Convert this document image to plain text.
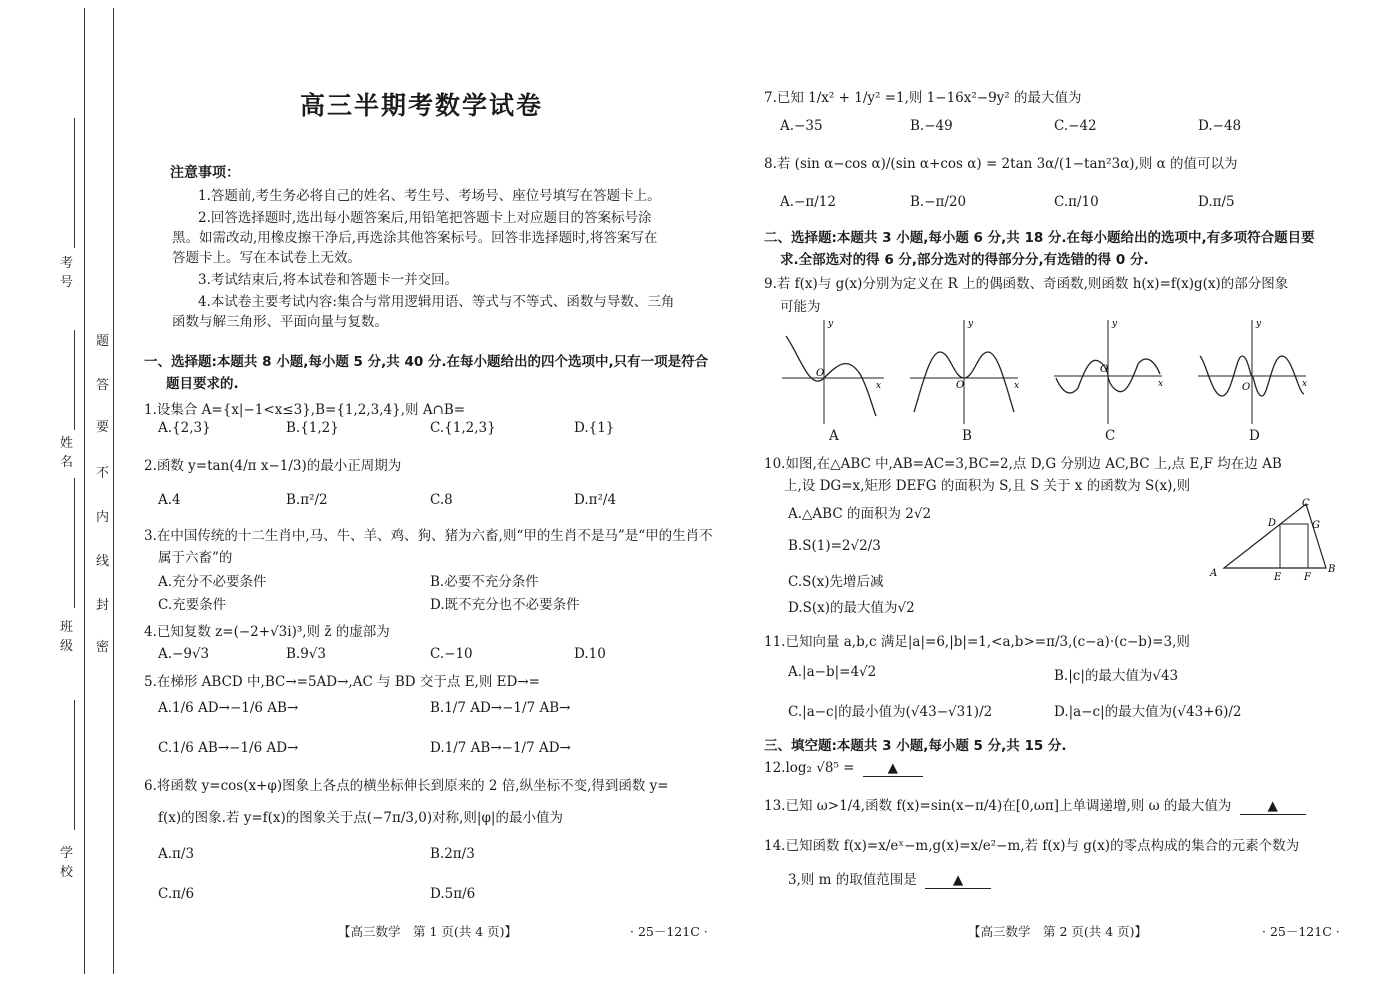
考号
姓名
班级
学校
题
答
要
不
内
线
封
密
高三半期考数学试卷
注意事项：
1.答题前,考生务必将自己的姓名、考生号、考场号、座位号填写在答题卡上。
2.回答选择题时,选出每小题答案后,用铅笔把答题卡上对应题目的答案标号涂
黑。如需改动,用橡皮擦干净后,再选涂其他答案标号。回答非选择题时,将答案写在
答题卡上。写在本试卷上无效。
3.考试结束后,将本试卷和答题卡一并交回。
4.本试卷主要考试内容:集合与常用逻辑用语、等式与不等式、函数与导数、三角
函数与解三角形、平面向量与复数。
一、选择题:本题共 8 小题,每小题 5 分,共 40 分.在每小题给出的四个选项中,只有一项是符合
题目要求的.
1.设集合 A={x|−1<x≤3},B={1,2,3,4},则 A∩B=
A.{2,3}	B.{1,2}	C.{1,2,3}	D.{1}
2.函数 y=tan(4/π x−1/3)的最小正周期为
A.4	B.π²/2	C.8	D.π²/4
3.在中国传统的十二生肖中,马、牛、羊、鸡、狗、猪为六畜,则“甲的生肖不是马”是“甲的生肖不
属于六畜”的
A.充分不必要条件	B.必要不充分条件
C.充要条件	D.既不充分也不必要条件
4.已知复数 z=(−2+√3i)³,则 z̄ 的虚部为
A.−9√3	B.9√3	C.−10	D.10
5.在梯形 ABCD 中,BC→=5AD→,AC 与 BD 交于点 E,则 ED→=
A.1/6 AD→−1/6 AB→	B.1/7 AD→−1/7 AB→
C.1/6 AB→−1/6 AD→	D.1/7 AB→−1/7 AD→
6.将函数 y=cos(x+φ)图象上各点的横坐标伸长到原来的 2 倍,纵坐标不变,得到函数 y=
f(x)的图象.若 y=f(x)的图象关于点(−7π/3,0)对称,则|φ|的最小值为
A.π/3	B.2π/3
C.π/6	D.5π/6
【高三数学　第 1 页(共 4 页)】	· 25－121C ·
7.已知 1/x² + 1/y² =1,则 1−16x²−9y² 的最大值为
A.−35	B.−49	C.−42	D.−48
8.若 (sin α−cos α)/(sin α+cos α) = 2tan 3α/(1−tan²3α),则 α 的值可以为
A.−π/12	B.−π/20	C.π/10	D.π/5
二、选择题:本题共 3 小题,每小题 6 分,共 18 分.在每小题给出的选项中,有多项符合题目要
求.全部选对的得 6 分,部分选对的得部分分,有选错的得 0 分.
9.若 f(x)与 g(x)分别为定义在 R 上的偶函数、奇函数,则函数 h(x)=f(x)g(x)的部分图象
可能为
O
y
x	O
y
x
O
y
x	O
y
x
A	B	C	D
10.如图,在△ABC 中,AB=AC=3,BC=2,点 D,G 分别边 AC,BC 上,点 E,F 均在边 AB
上,设 DG=x,矩形 DEFG 的面积为 S,且 S 关于 x 的函数为 S(x),则
A.△ABC 的面积为 2√2
B.S(1)=2√2/3
C.S(x)先增后减
D.S(x)的最大值为√2
A	B
C
D	G
E F
11.已知向量 a,b,c 满足|a|=6,|b|=1,<a,b>=π/3,(c−a)·(c−b)=3,则
A.|a−b|=4√2	B.|c|的最大值为√43
C.|a−c|的最小值为(√43−√31)/2	D.|a−c|的最大值为(√43+6)/2
三、填空题:本题共 3 小题,每小题 5 分,共 15 分.
12.log₂ √8⁵ = ▲
13.已知 ω>1/4,函数 f(x)=sin(x−π/4)在[0,ωπ]上单调递增,则 ω 的最大值为	▲
14.已知函数 f(x)=x/eˣ−m,g(x)=x/e²−m,若 f(x)与 g(x)的零点构成的集合的元素个数为
3,则 m 的取值范围是	▲
【高三数学　第 2 页(共 4 页)】	· 25－121C ·
